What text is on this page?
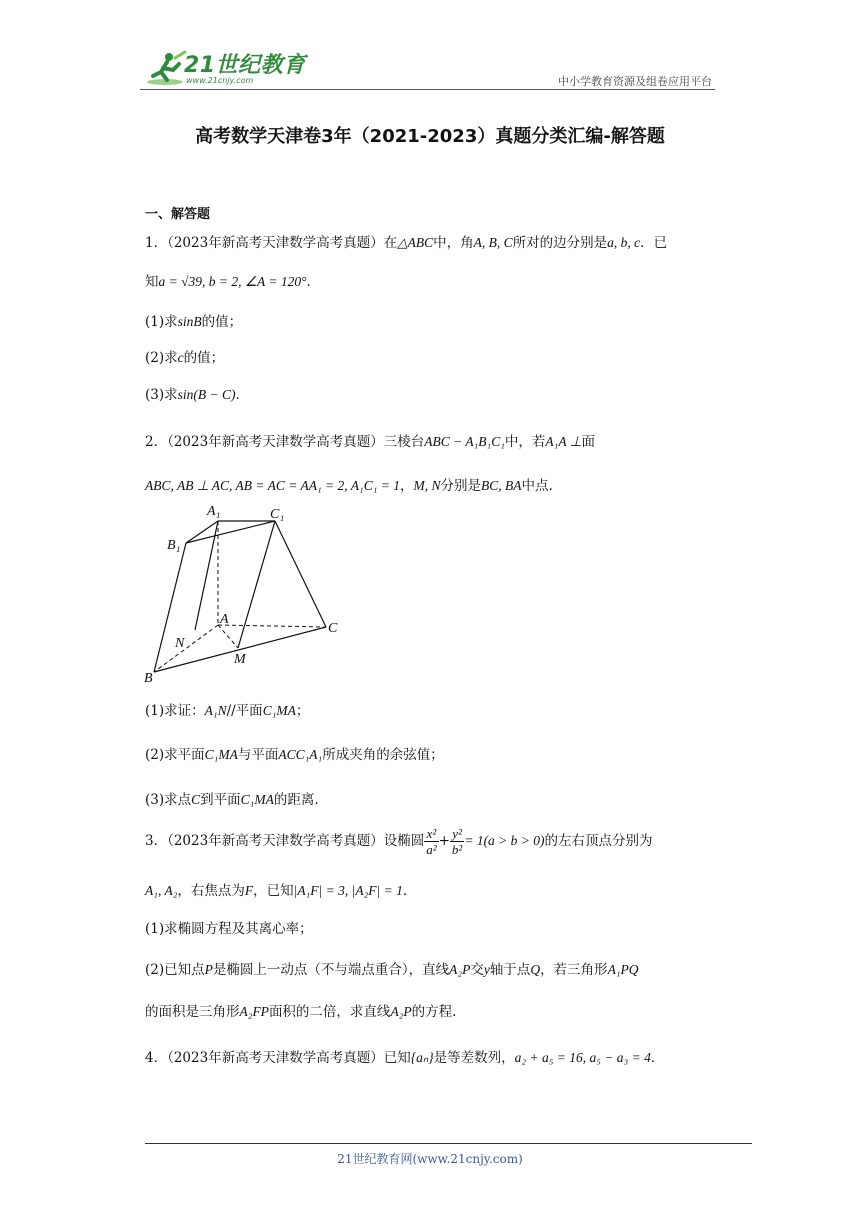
21世纪教育
www.21cnjy.com	中小学教育资源及组卷应用平台
高考数学天津卷3年（2021-2023）真题分类汇编-解答题
一、解答题
1．（2023年新高考天津数学高考真题）在△ABC中，角A, B, C所对的边分别是a, b, c．已
知a = √39, b = 2, ∠A = 120°．
(1)求sinB的值；
(2)求c的值；
(3)求sin(B − C)．
2．（2023年新高考天津数学高考真题）三棱台ABC − A₁B₁C₁中，若A₁A ⊥面
ABC, AB ⊥ AC, AB = AC = AA₁ = 2, A₁C₁ = 1，M, N分别是BC, BA中点.
A₁	C₁
B₁
A
C
N
M
B
(1)求证：A₁N//平面C₁MA；
(2)求平面C₁MA与平面ACC₁A₁所成夹角的余弦值；
(3)求点C到平面C₁MA的距离.
3．（2023年新高考天津数学高考真题）设椭圆 $\frac{\text{x²}}{\text{a²}} + \frac{\text{y²}}{\text{b²}} = 1(a > b > 0)$的左右顶点分别为
A₁, A₂，右焦点为F，已知|A₁F| = 3, |A₂F| = 1．
(1)求椭圆方程及其离心率；
(2)已知点P是椭圆上一动点（不与端点重合），直线A₂P交y轴于点Q，若三角形A₁PQ
的面积是三角形A₂FP面积的二倍，求直线A₂P的方程.
4．（2023年新高考天津数学高考真题）已知{aₙ}是等差数列，a₂ + a₅ = 16, a₅ − a₃ = 4．
21世纪教育网(www.21cnjy.com)
